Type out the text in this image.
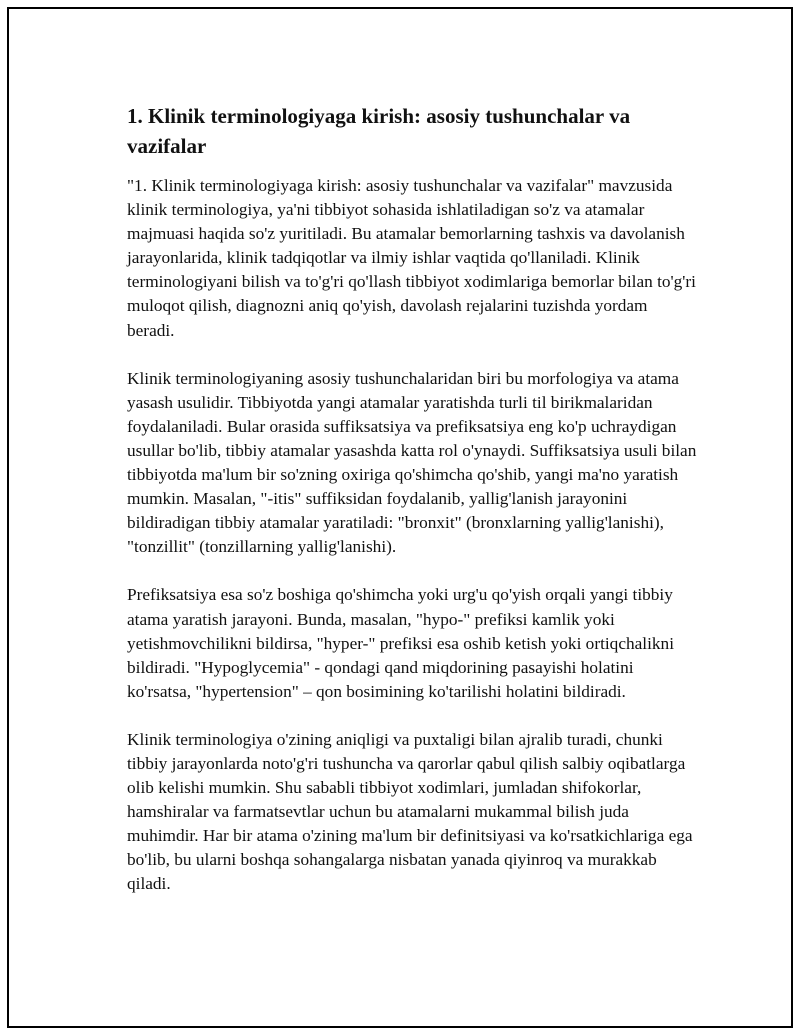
1. Klinik terminologiyaga kirish: asosiy tushunchalar va vazifalar

"1. Klinik terminologiyaga kirish: asosiy tushunchalar va vazifalar" mavzusida klinik terminologiya, ya'ni tibbiyot sohasida ishlatiladigan so'z va atamalar majmuasi haqida so'z yuritiladi. Bu atamalar bemorlarning tashxis va davolanish jarayonlarida, klinik tadqiqotlar va ilmiy ishlar vaqtida qo'llaniladi. Klinik terminologiyani bilish va to'g'ri qo'llash tibbiyot xodimlariga bemorlar bilan to'g'ri muloqot qilish, diagnozni aniq qo'yish, davolash rejalarini tuzishda yordam beradi.

Klinik terminologiyaning asosiy tushunchalaridan biri bu morfologiya va atama yasash usulidir. Tibbiyotda yangi atamalar yaratishda turli til birikmalaridan foydalaniladi. Bular orasida suffiksatsiya va prefiksatsiya eng ko'p uchraydigan usullar bo'lib, tibbiy atamalar yasashda katta rol o'ynaydi. Suffiksatsiya usuli bilan tibbiyotda ma'lum bir so'zning oxiriga qo'shimcha qo'shib, yangi ma'no yaratish mumkin. Masalan, "-itis" suffiksidan foydalanib, yallig'lanish jarayonini bildiradigan tibbiy atamalar yaratiladi: "bronxit" (bronxlarning yallig'lanishi), "tonzillit" (tonzillarning yallig'lanishi).

Prefiksatsiya esa so'z boshiga qo'shimcha yoki urg'u qo'yish orqali yangi tibbiy atama yaratish jarayoni. Bunda, masalan, "hypo-" prefiksi kamlik yoki yetishmovchilikni bildirsa, "hyper-" prefiksi esa oshib ketish yoki ortiqchalikni bildiradi. "Hypoglycemia" - qondagi qand miqdorining pasayishi holatini ko'rsatsa, "hypertension" – qon bosimining ko'tarilishi holatini bildiradi.

Klinik terminologiya o'zining aniqligi va puxtaligi bilan ajralib turadi, chunki tibbiy jarayonlarda noto'g'ri tushuncha va qarorlar qabul qilish salbiy oqibatlarga olib kelishi mumkin. Shu sababli tibbiyot xodimlari, jumladan shifokorlar, hamshiralar va farmatsevtlar uchun bu atamalarni mukammal bilish juda muhimdir. Har bir atama o'zining ma'lum bir definitsiyasi va ko'rsatkichlariga ega bo'lib, bu ularni boshqa sohangalarga nisbatan yanada qiyinroq va murakkab qiladi.
